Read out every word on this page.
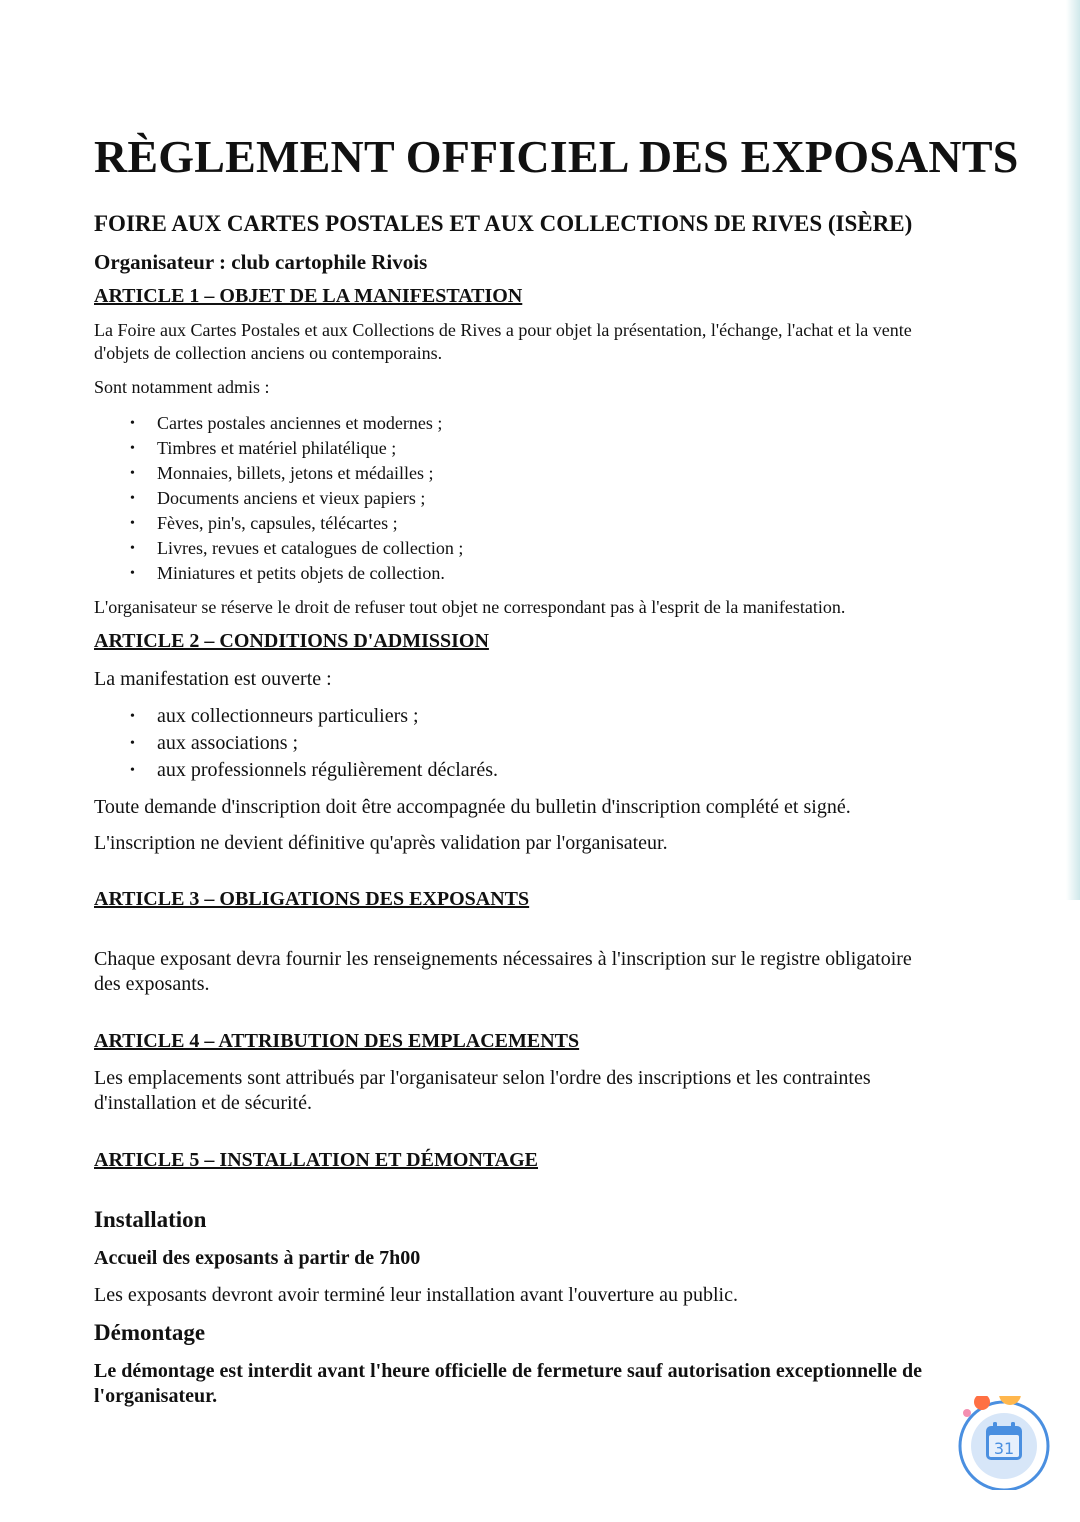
RÈGLEMENT OFFICIEL DES EXPOSANTS
FOIRE AUX CARTES POSTALES ET AUX COLLECTIONS DE RIVES (ISÈRE)

Organisateur : club cartophile Rivois

ARTICLE 1 – OBJET DE LA MANIFESTATION

La Foire aux Cartes Postales et aux Collections de Rives a pour objet la présentation, l'échange, l'achat et la vente d'objets de collection anciens ou contemporains.

Sont notamment admis :

• Cartes postales anciennes et modernes ;
• Timbres et matériel philatélique ;
• Monnaies, billets, jetons et médailles ;
• Documents anciens et vieux papiers ;
• Fèves, pin's, capsules, télécartes ;
• Livres, revues et catalogues de collection ;
• Miniatures et petits objets de collection.

L'organisateur se réserve le droit de refuser tout objet ne correspondant pas à l'esprit de la manifestation.

ARTICLE 2 – CONDITIONS D'ADMISSION

La manifestation est ouverte :

• aux collectionneurs particuliers ;
• aux associations ;
• aux professionnels régulièrement déclarés.

Toute demande d'inscription doit être accompagnée du bulletin d'inscription complété et signé.

L'inscription ne devient définitive qu'après validation par l'organisateur.

ARTICLE 3 – OBLIGATIONS DES EXPOSANTS

Chaque exposant devra fournir les renseignements nécessaires à l'inscription sur le registre obligatoire des exposants.

ARTICLE 4 – ATTRIBUTION DES EMPLACEMENTS

Les emplacements sont attribués par l'organisateur selon l'ordre des inscriptions et les contraintes d'installation et de sécurité.

ARTICLE 5 – INSTALLATION ET DÉMONTAGE
Installation

Accueil des exposants à partir de 7h00

Les exposants devront avoir terminé leur installation avant l'ouverture au public.

Démontage

Le démontage est interdit avant l'heure officielle de fermeture sauf autorisation exceptionnelle de l'organisateur.

31
